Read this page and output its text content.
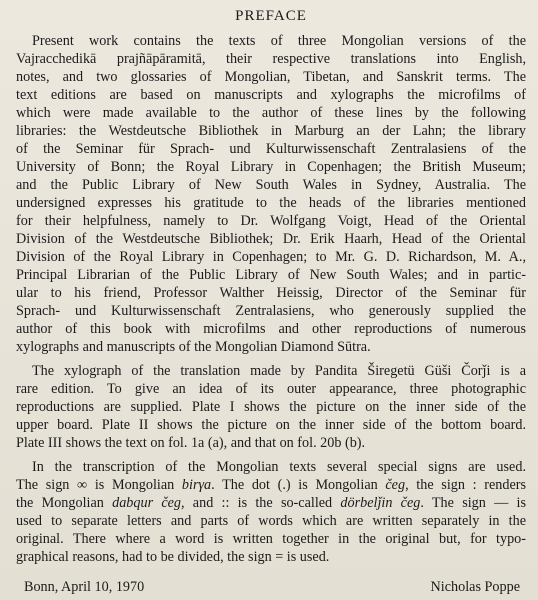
PREFACE
Present work contains the texts of three Mongolian versions of the
Vajracchedikā prajñāpāramitā, their respective translations into English,
notes, and two glossaries of Mongolian, Tibetan, and Sanskrit terms. The
text editions are based on manuscripts and xylographs the microfilms of
which were made available to the author of these lines by the following
libraries: the Westdeutsche Bibliothek in Marburg an der Lahn; the library
of the Seminar für Sprach- und Kulturwissenschaft Zentralasiens of the
University of Bonn; the Royal Library in Copenhagen; the British Museum;
and the Public Library of New South Wales in Sydney, Australia. The
undersigned expresses his gratitude to the heads of the libraries mentioned
for their helpfulness, namely to Dr. Wolfgang Voigt, Head of the Oriental
Division of the Westdeutsche Bibliothek; Dr. Erik Haarh, Head of the Oriental
Division of the Royal Library in Copenhagen; to Mr. G. D. Richardson, M. A.,
Principal Librarian of the Public Library of New South Wales; and in partic-
ular to his friend, Professor Walther Heissig, Director of the Seminar für
Sprach- und Kulturwissenschaft Zentralasiens, who generously supplied the
author of this book with microfilms and other reproductions of numerous
xylographs and manuscripts of the Mongolian Diamond Sūtra.
The xylograph of the translation made by Pandita Širegetü Güši Čorǰi is a
rare edition. To give an idea of its outer appearance, three photographic
reproductions are supplied. Plate I shows the picture on the inner side of the
upper board. Plate II shows the picture on the inner side of the bottom board.
Plate III shows the text on fol. 1a (a), and that on fol. 20b (b).
In the transcription of the Mongolian texts several special signs are used.
The sign ∞ is Mongolian birγa. The dot (.) is Mongolian čeg, the sign : renders
the Mongolian dabqur čeg, and :: is the so-called dörbelǰin čeg. The sign — is
used to separate letters and parts of words which are written separately in the
original. There where a word is written together in the original but, for typo-
graphical reasons, had to be divided, the sign = is used.
Bonn, April 10, 1970	Nicholas Poppe
